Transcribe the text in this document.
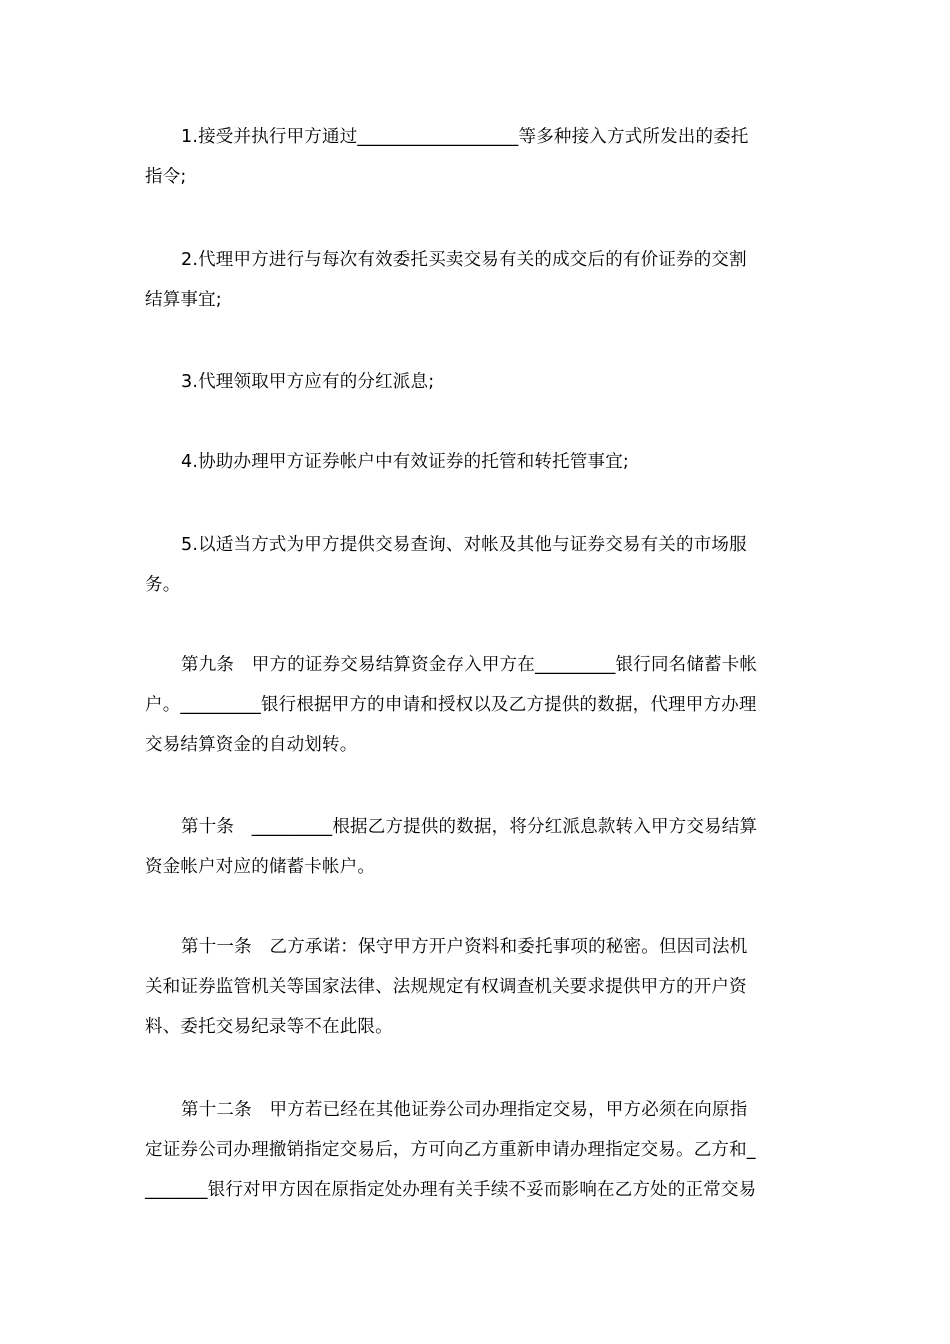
1.接受并执行甲方通过__________________等多种接入方式所发出的委托
指令;
2.代理甲方进行与每次有效委托买卖交易有关的成交后的有价证券的交割
结算事宜;
3.代理领取甲方应有的分红派息;
4.协助办理甲方证券帐户中有效证券的托管和转托管事宜;
5.以适当方式为甲方提供交易查询、对帐及其他与证券交易有关的市场服
务。
第九条　甲方的证券交易结算资金存入甲方在_________银行同名储蓄卡帐
户。_________银行根据甲方的申请和授权以及乙方提供的数据，代理甲方办理
交易结算资金的自动划转。
第十条　_________根据乙方提供的数据，将分红派息款转入甲方交易结算
资金帐户对应的储蓄卡帐户。
第十一条　乙方承诺：保守甲方开户资料和委托事项的秘密。但因司法机
关和证券监管机关等国家法律、法规规定有权调查机关要求提供甲方的开户资
料、委托交易纪录等不在此限。
第十二条　甲方若已经在其他证券公司办理指定交易，甲方必须在向原指
定证券公司办理撤销指定交易后，方可向乙方重新申请办理指定交易。乙方和_
_______银行对甲方因在原指定处办理有关手续不妥而影响在乙方处的正常交易
